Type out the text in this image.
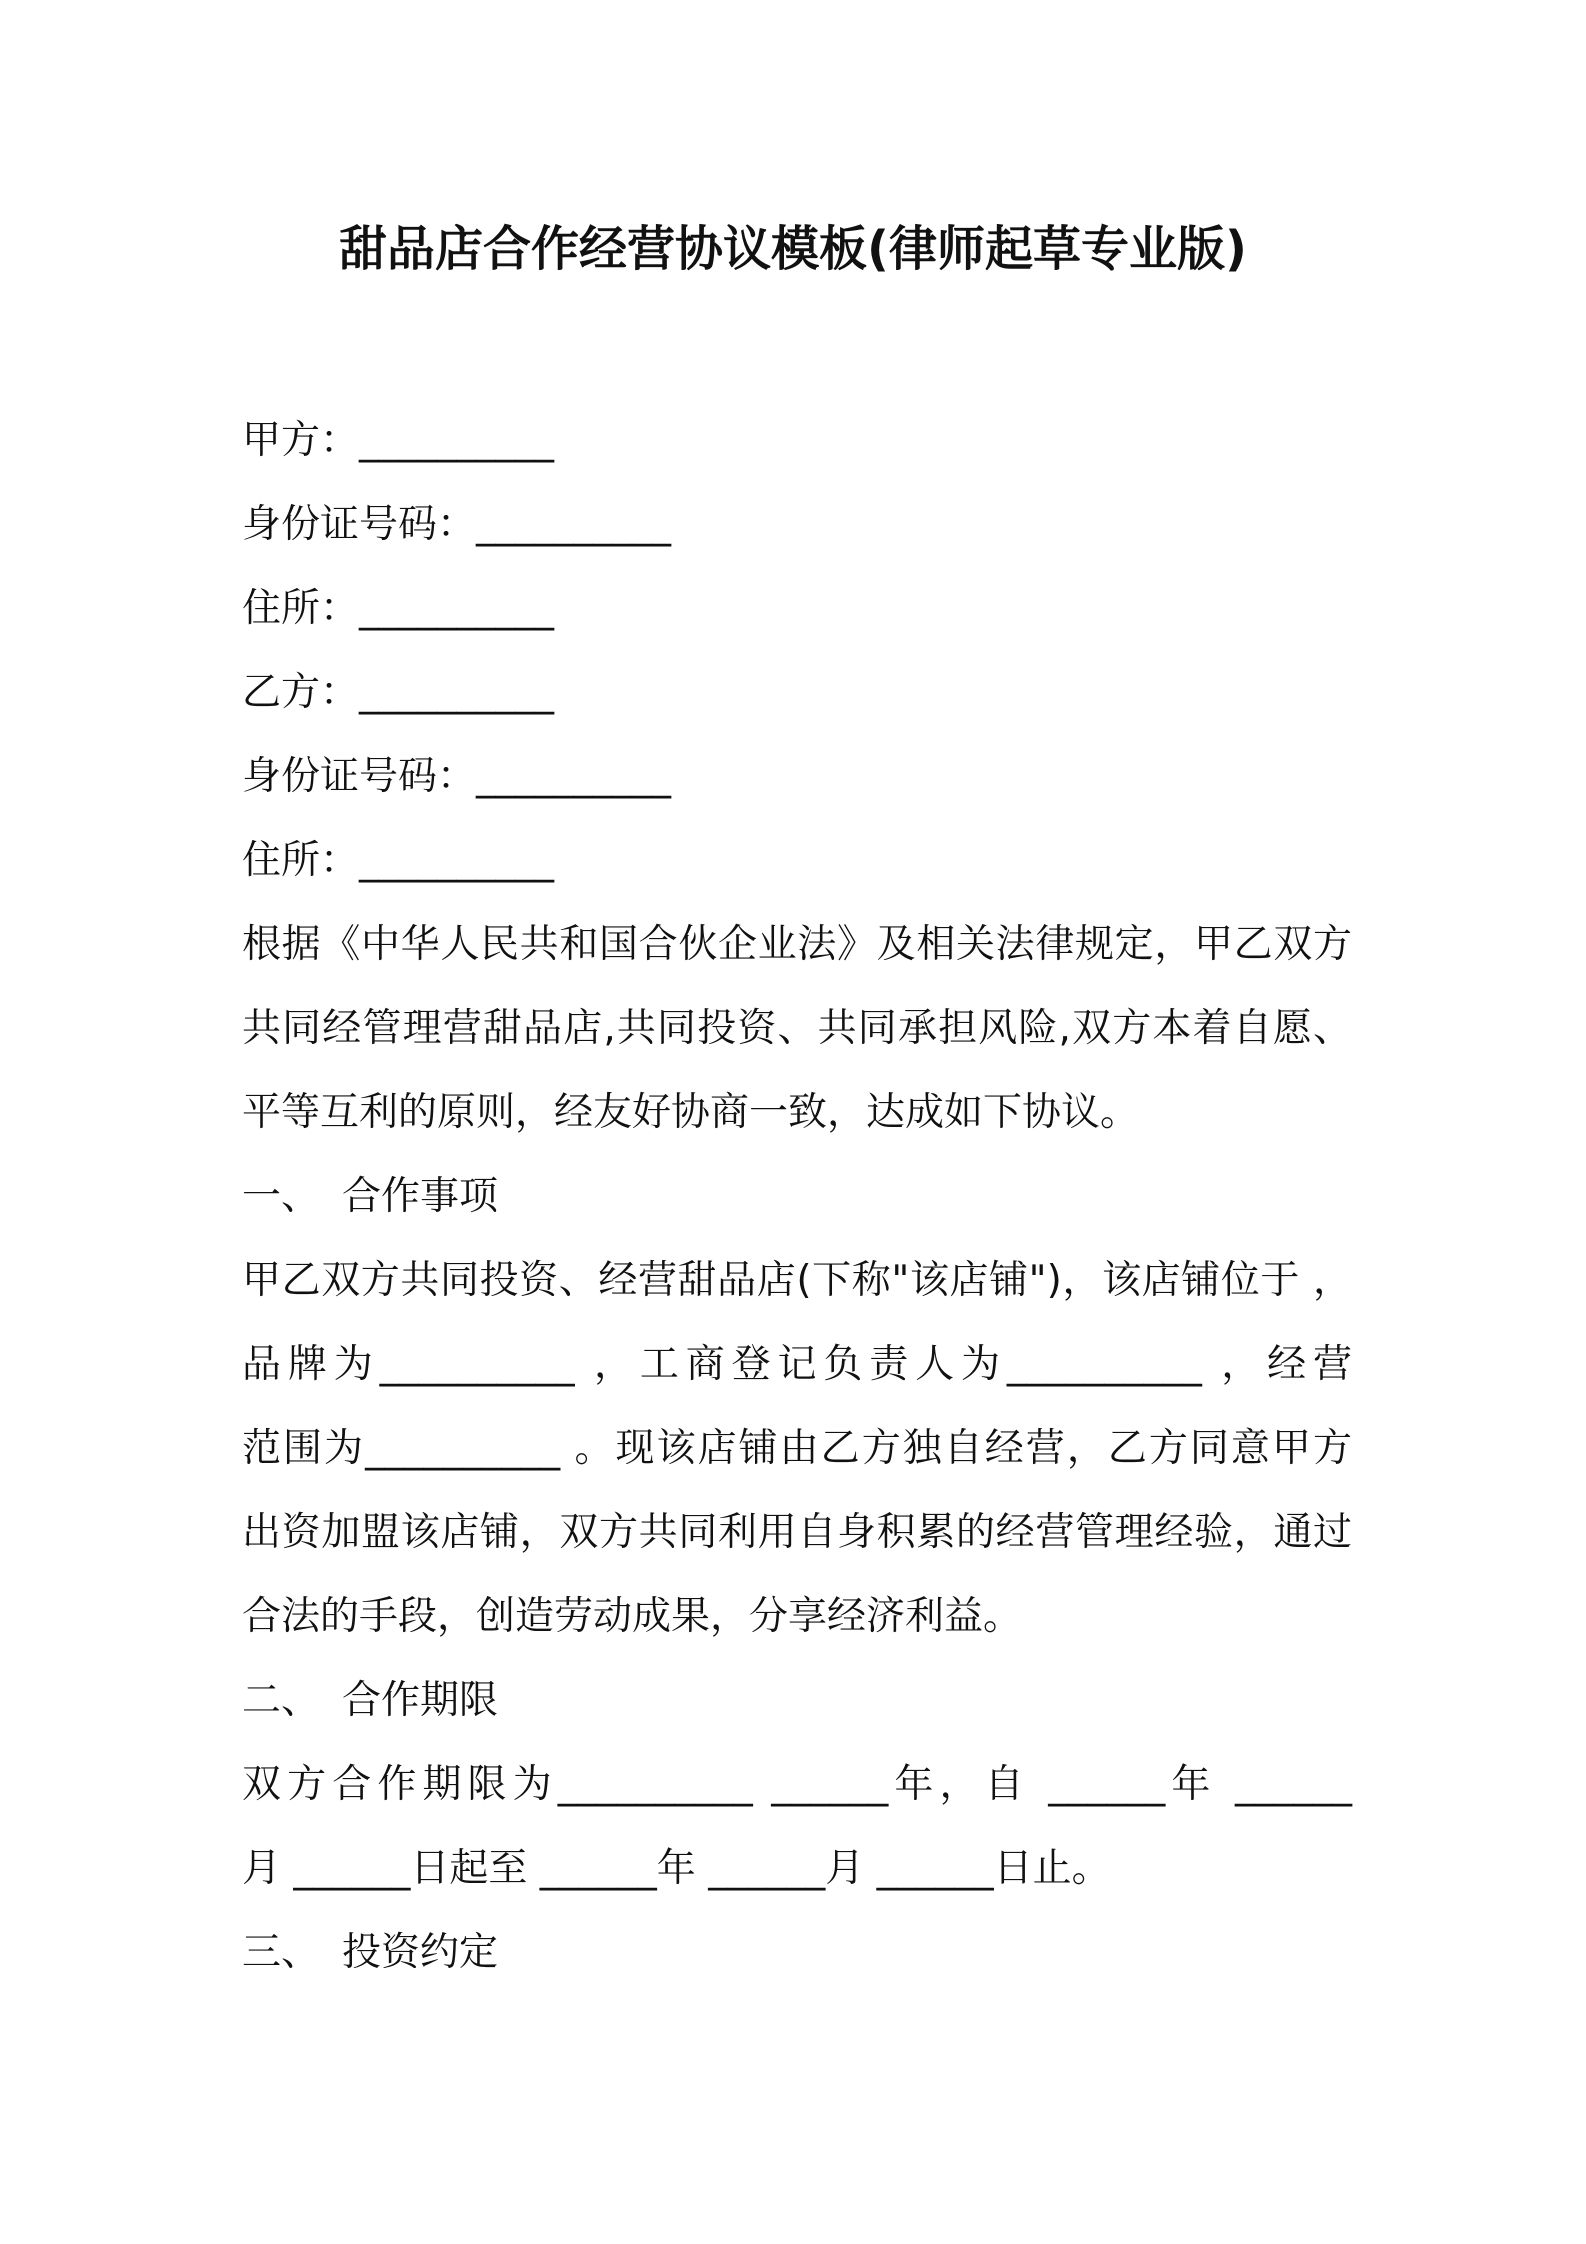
甜品店合作经营协议模板(律师起草专业版)
甲方：__________
身份证号码：__________
住所：__________
乙方：__________
身份证号码：__________
住所：__________
根据《中华人民共和国合伙企业法》及相关法律规定，甲乙双方
共同经管理营甜品店,共同投资、共同承担风险,双方本着自愿、
平等互利的原则，经友好协商一致，达成如下协议。
一、 合作事项
甲乙双方共同投资、经营甜品店(下称"该店铺")，该店铺位于 ，
品牌为__________ ，工商登记负责人为__________ ，经营
范围为__________ 。现该店铺由乙方独自经营，乙方同意甲方
出资加盟该店铺，双方共同利用自身积累的经营管理经验，通过
合法的手段，创造劳动成果，分享经济利益。
二、 合作期限
双方合作期限为__________ ______年，自 ______年 ______
月 ______日起至 ______年 ______月 ______日止。
三、 投资约定
